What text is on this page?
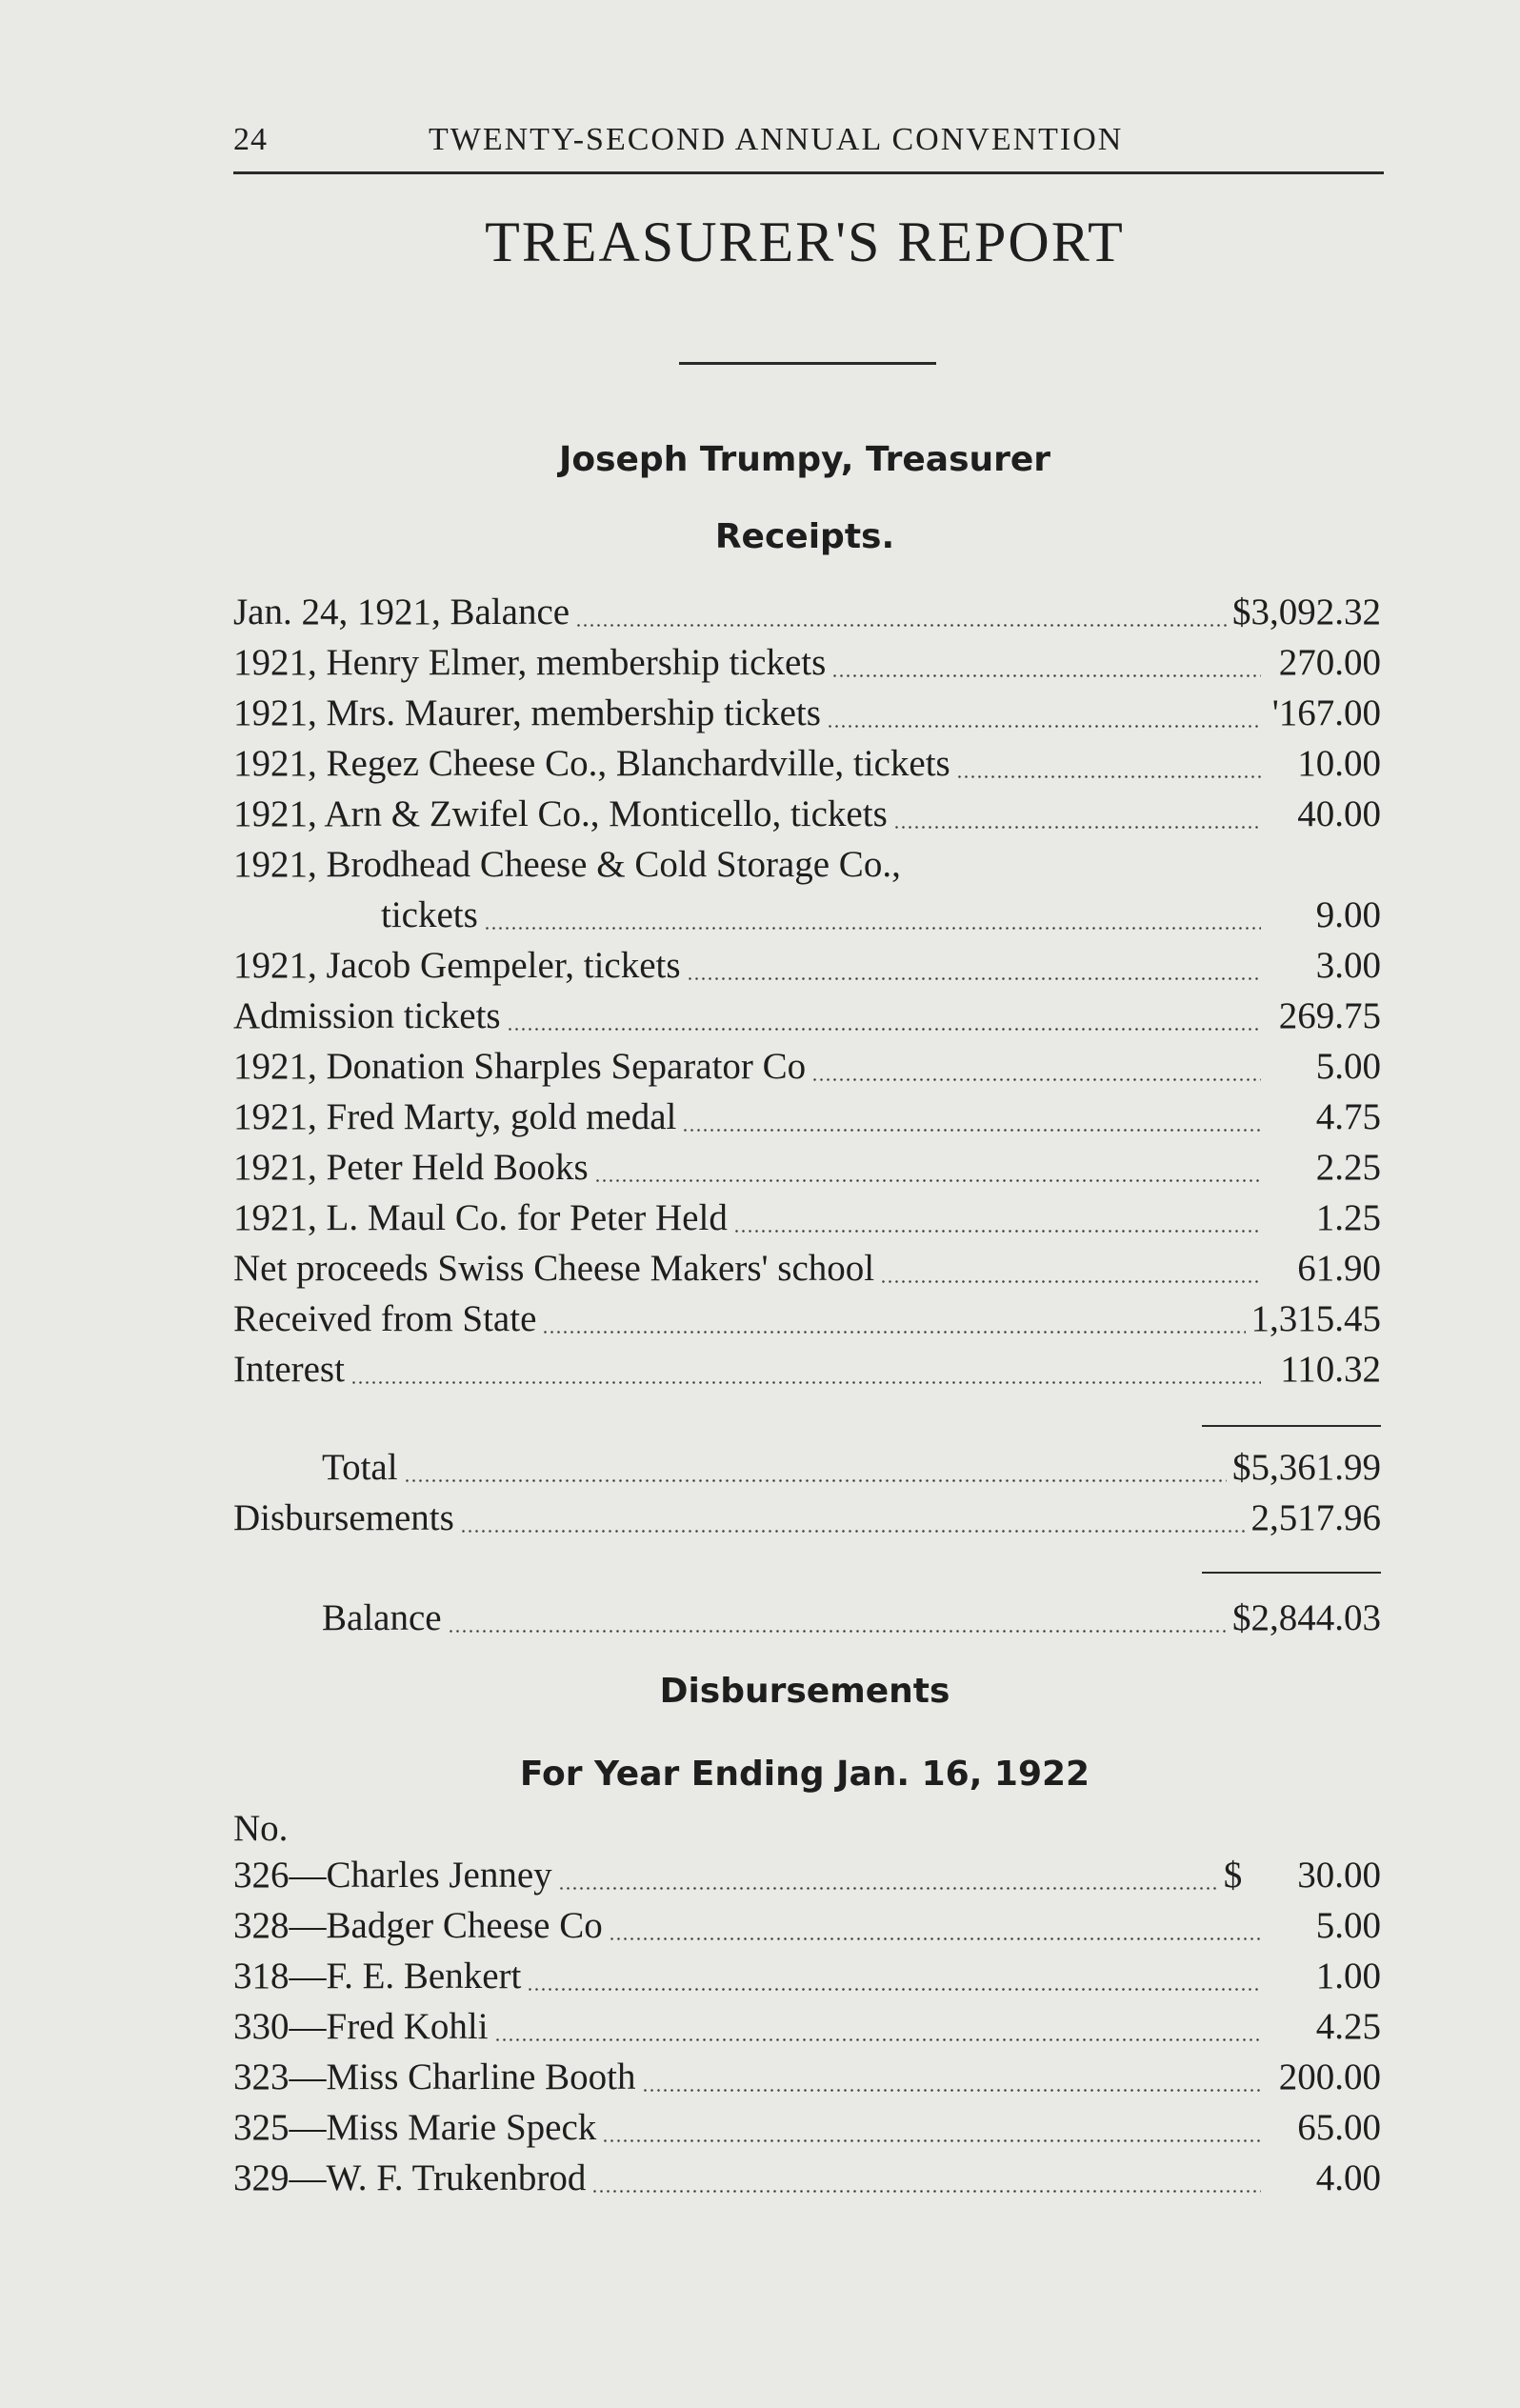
24	TWENTY-SECOND ANNUAL CONVENTION
TREASURER'S REPORT
Joseph Trumpy, Treasurer
Receipts.
Jan. 24, 1921, Balance	$3,092.32
1921, Henry Elmer, membership tickets	270.00
1921, Mrs. Maurer, membership tickets	'167.00
1921, Regez Cheese Co., Blanchardville, tickets	10.00
1921, Arn & Zwifel Co., Monticello, tickets	40.00
1921, Brodhead Cheese & Cold Storage Co.,
tickets	9.00
1921, Jacob Gempeler, tickets	3.00
Admission tickets	269.75
1921, Donation Sharples Separator Co	5.00
1921, Fred Marty, gold medal	4.75
1921, Peter Held Books	2.25
1921, L. Maul Co. for Peter Held	1.25
Net proceeds Swiss Cheese Makers' school	61.90
Received from State	1,315.45
Interest	110.32
Total	$5,361.99
Disbursements	2,517.96
Balance	$2,844.03
Disbursements
For Year Ending Jan. 16, 1922
No.
326—Charles Jenney	$ 30.00
328—Badger Cheese Co	5.00
318—F. E. Benkert	1.00
330—Fred Kohli	4.25
323—Miss Charline Booth	200.00
325—Miss Marie Speck	65.00
329—W. F. Trukenbrod	4.00
